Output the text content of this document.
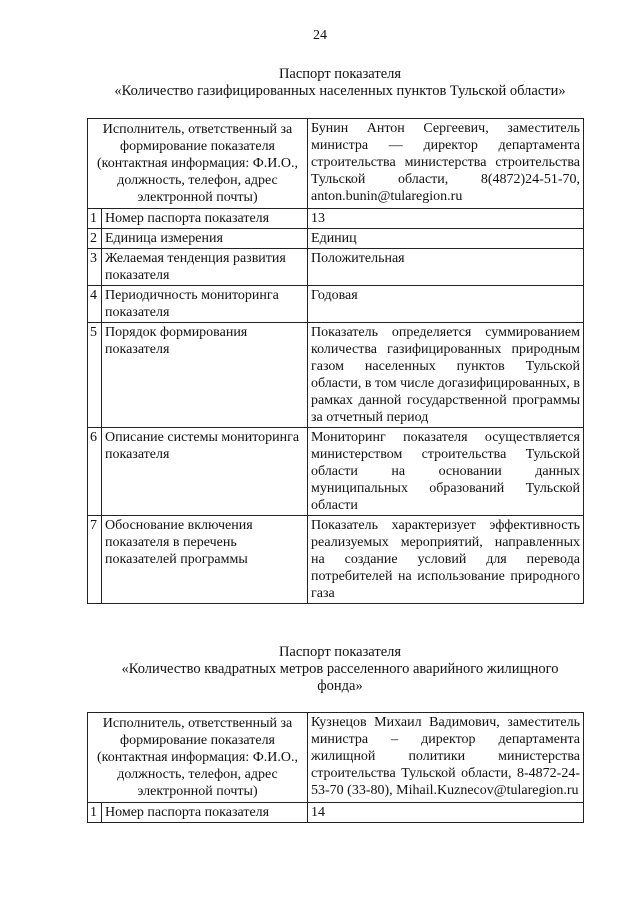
24
Паспорт показателя
«Количество газифицированных населенных пунктов Тульской области»
Исполнитель, ответственный за формирование показателя (контактная информация: Ф.И.О., должность, телефон, адрес электронной почты)		Бунин Антон Сергеевич, заместитель министра — директор департамента строительства министерства строительства Тульской области, 8(4872)24-51-70, anton.bunin@tularegion.ru
1	Номер паспорта показателя	13
2	Единица измерения	Единиц
3	Желаемая тенденция развития показателя	Положительная
4	Периодичность мониторинга показателя	Годовая
5	Порядок формирования показателя	Показатель определяется суммированием количества газифицированных природным газом населенных пунктов Тульской области, в том числе догазифицированных, в рамках данной государственной программы за отчетный период
6	Описание системы мониторинга показателя	Мониторинг показателя осуществляется министерством строительства Тульской области на основании данных муниципальных образований Тульской области
7	Обоснование включения показателя в перечень показателей программы	Показатель характеризует эффективность реализуемых мероприятий, направленных на создание условий для перевода потребителей на использование природного газа
Паспорт показателя
«Количество квадратных метров расселенного аварийного жилищного
фонда»
Исполнитель, ответственный за формирование показателя (контактная информация: Ф.И.О., должность, телефон, адрес электронной почты)		Кузнецов Михаил Вадимович, заместитель министра – директор департамента жилищной политики министерства строительства Тульской области, 8-4872-24-53-70 (33-80), Mihail.Kuznecov@tularegion.ru
1	Номер паспорта показателя	14
